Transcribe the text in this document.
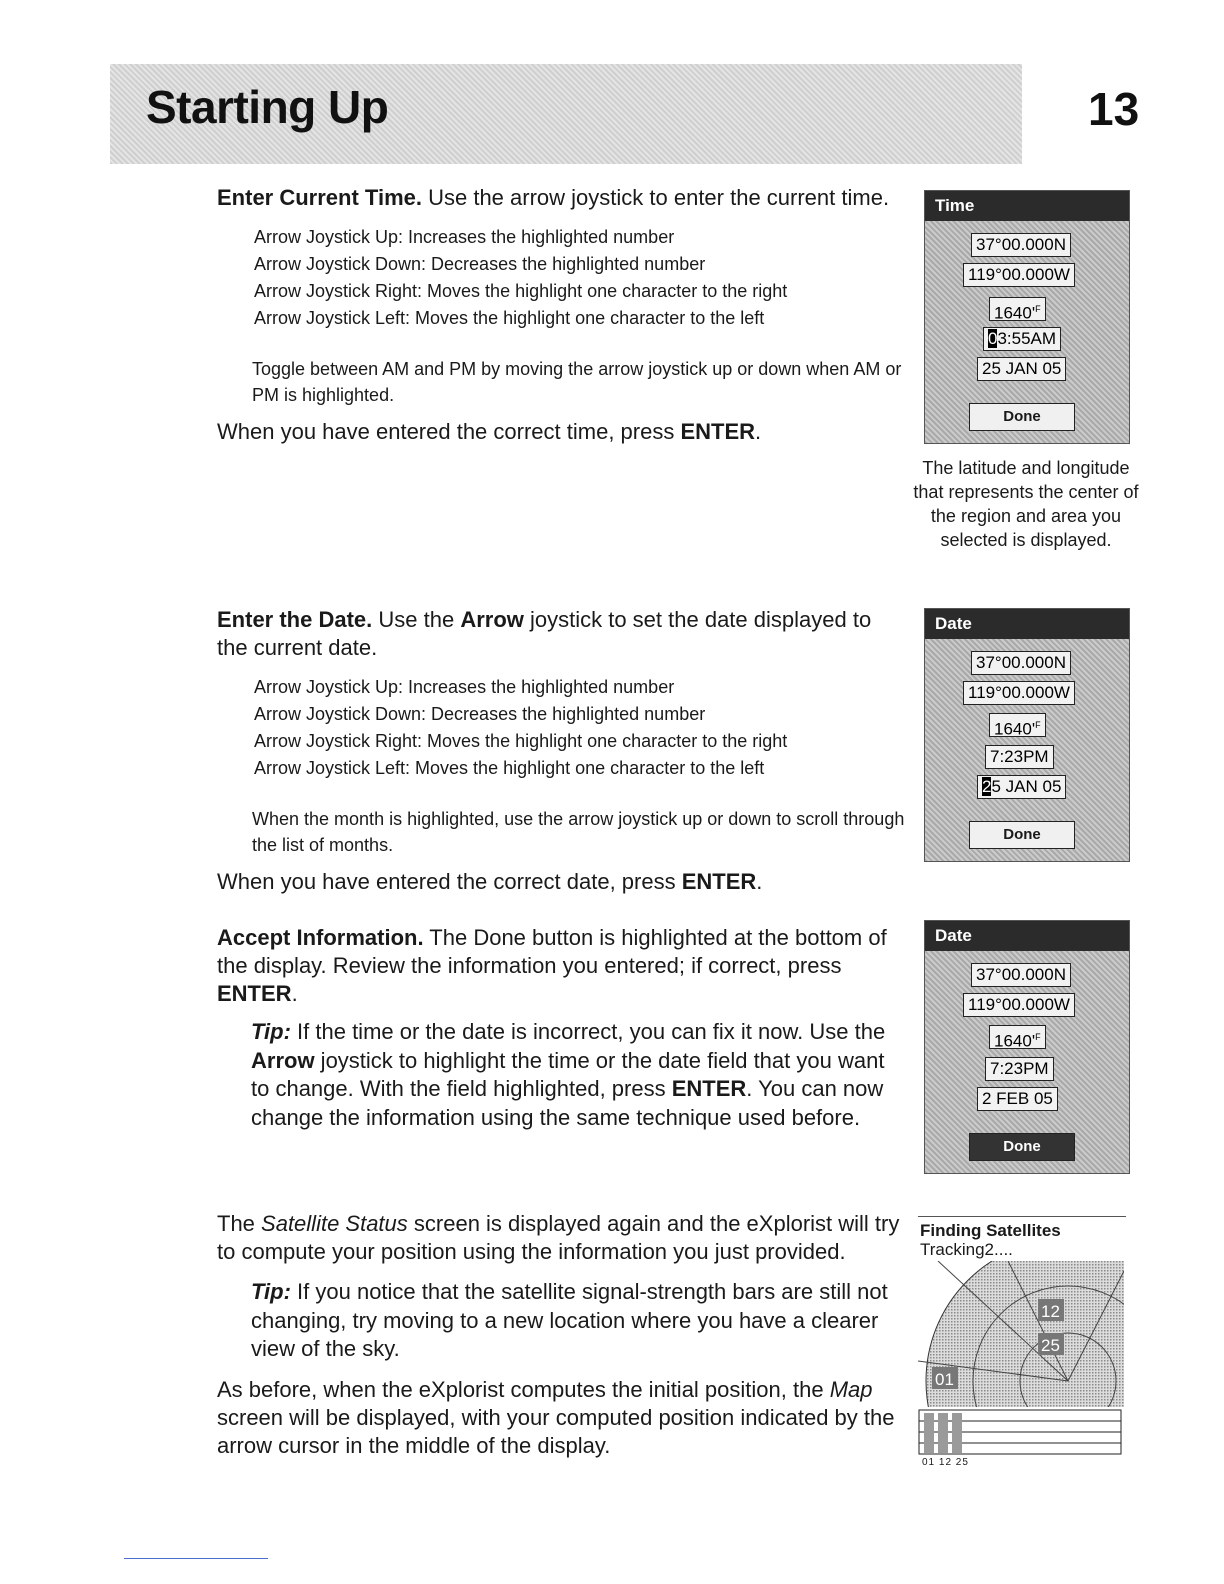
Starting Up	13

Enter Current Time. Use the arrow joystick to enter the current time.

Arrow Joystick Up: Increases the highlighted number
Arrow Joystick Down: Decreases the highlighted number
Arrow Joystick Right: Moves the highlight one character to the right
Arrow Joystick Left: Moves the highlight one character to the left

Toggle between AM and PM by moving the arrow joystick up or down when AM or PM is highlighted.

When you have entered the correct time, press ENTER.

Enter the Date. Use the Arrow joystick to set the date displayed to the current date.

Arrow Joystick Up: Increases the highlighted number
Arrow Joystick Down: Decreases the highlighted number
Arrow Joystick Right: Moves the highlight one character to the right
Arrow Joystick Left: Moves the highlight one character to the left

When the month is highlighted, use the arrow joystick up or down to scroll through the list of months.

When you have entered the correct date, press ENTER.

Accept Information. The Done button is highlighted at the bottom of the display. Review the information you entered; if correct, press ENTER.

Tip: If the time or the date is incorrect, you can fix it now. Use the Arrow joystick to highlight the time or the date field that you want to change. With the field highlighted, press ENTER. You can now change the information using the same technique used before.

The Satellite Status screen is displayed again and the eXplorist will try to compute your position using the information you just provided.

Tip: If you notice that the satellite signal-strength bars are still not changing, try moving to a new location where you have a clearer view of the sky.

As before, when the eXplorist computes the initial position, the Map screen will be displayed, with your computed position indicated by the arrow cursor in the middle of the display.

Time
37°00.000N
119°00.000W
$1640'^F$
03:55AM
25 JAN 05
Done

The latitude and longitude that represents the center of the region and area you selected is displayed.

Date
37°00.000N
119°00.000W
$1640'^F$
7:23PM
25 JAN 05
Done
Date
37°00.000N
119°00.000W
$1640'^F$
7:23PM
2 FEB 05
Done

Finding Satellites

Tracking2....

12
25
01

01 12 25
